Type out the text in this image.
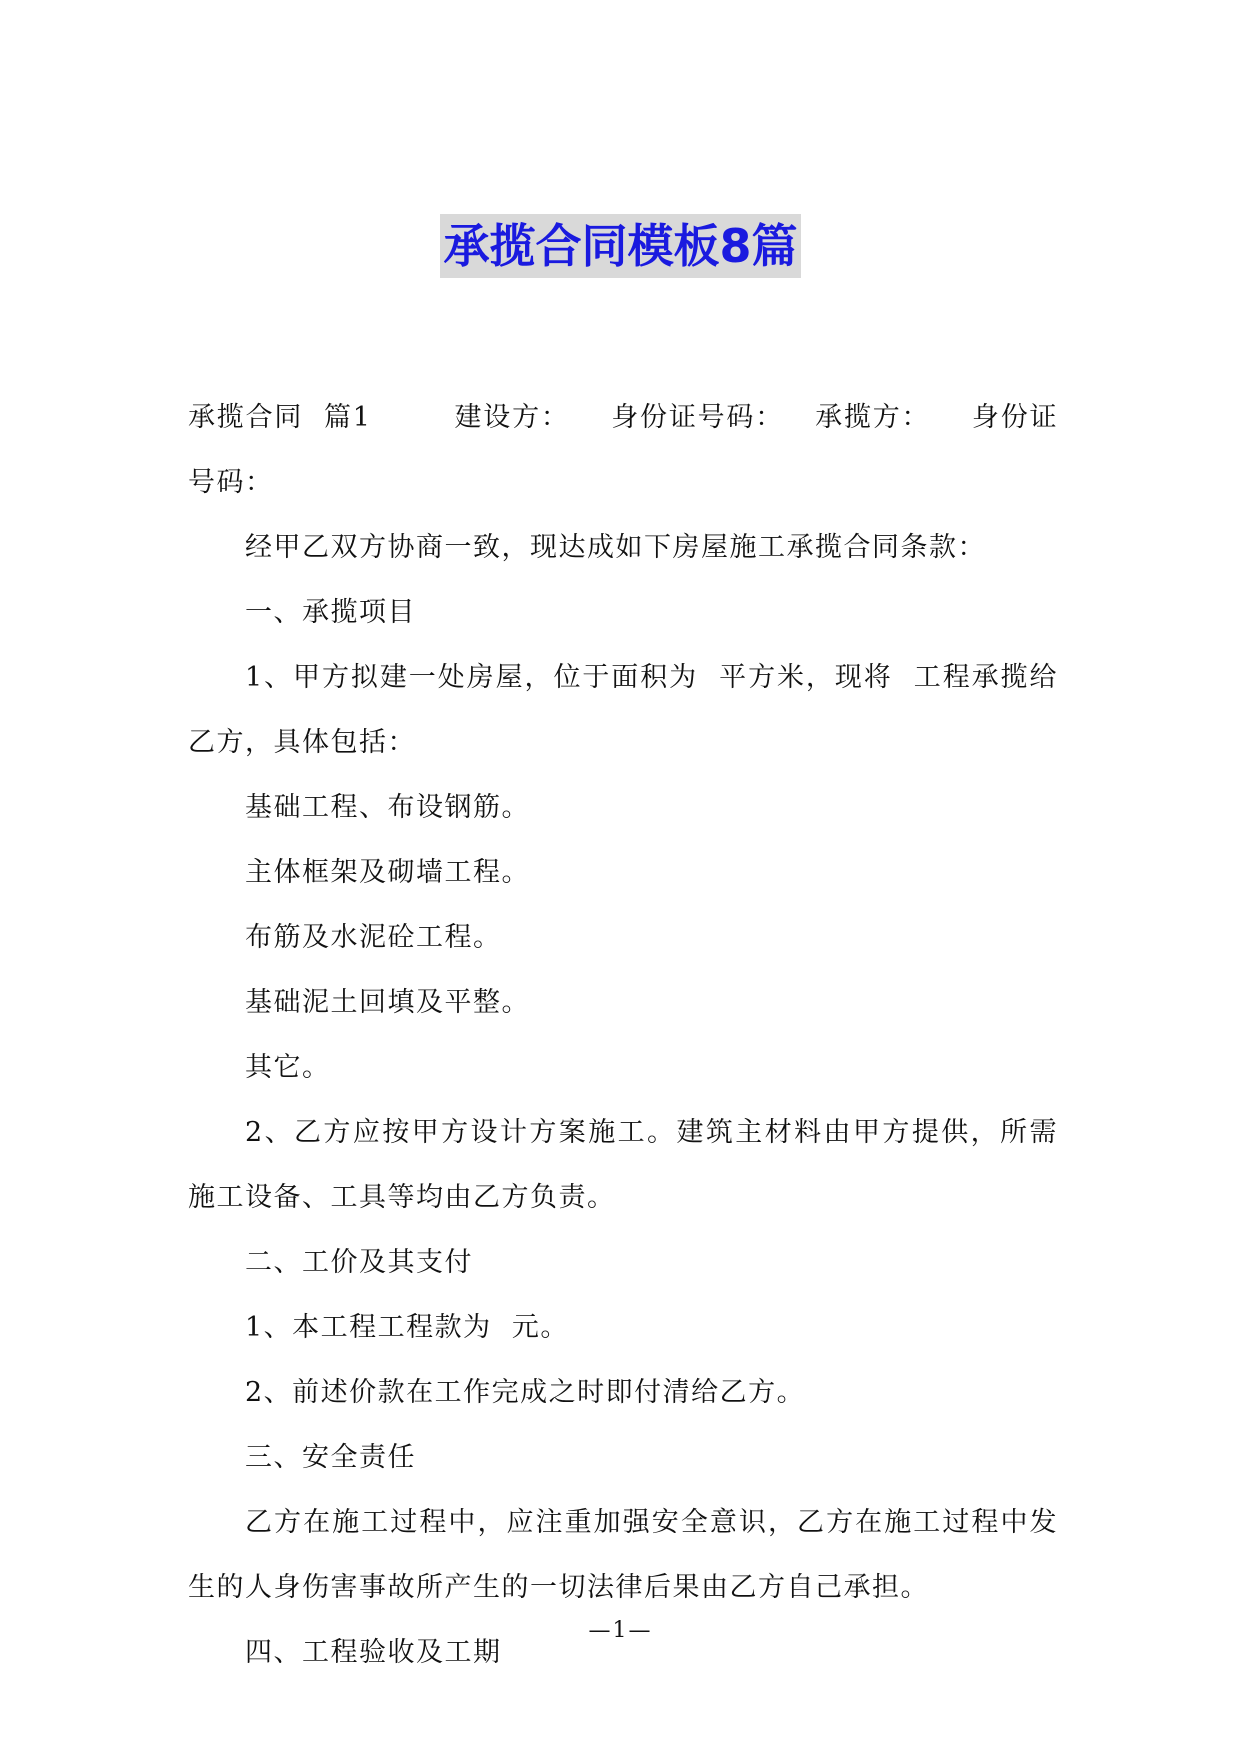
承揽合同模板8篇

承揽合同  篇1        建设方：    身份证号码：   承揽方：    身份证号码：

经甲乙双方协商一致，现达成如下房屋施工承揽合同条款：

一、承揽项目

1、甲方拟建一处房屋，位于面积为  平方米，现将  工程承揽给乙方，具体包括：

基础工程、布设钢筋。

主体框架及砌墙工程。

布筋及水泥砼工程。

基础泥土回填及平整。

其它。

2、乙方应按甲方设计方案施工。建筑主材料由甲方提供，所需施工设备、工具等均由乙方负责。

二、工价及其支付

1、本工程工程款为  元。

2、前述价款在工作完成之时即付清给乙方。

三、安全责任

乙方在施工过程中，应注重加强安全意识，乙方在施工过程中发生的人身伤害事故所产生的一切法律后果由乙方自己承担。

四、工程验收及工期

—1—
